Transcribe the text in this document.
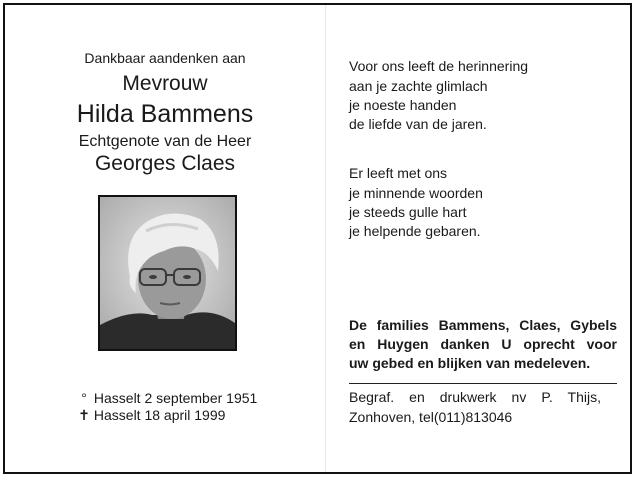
Dankbaar aandenken aan
Mevrouw
Hilda Bammens
Echtgenote van de Heer
Georges Claes
° Hasselt 2 september 1951
✝ Hasselt 18 april 1999
Voor ons leeft de herinnering
aan je zachte glimlach
je noeste handen
de liefde van de jaren.
Er leeft met ons
je minnende woorden
je steeds gulle hart
je helpende gebaren.
De families Bammens, Claes, Gybels
en Huygen danken U oprecht voor
uw gebed en blijken van medeleven.
Begraf. en drukwerk nv P. Thijs,
Zonhoven, tel(011)813046
